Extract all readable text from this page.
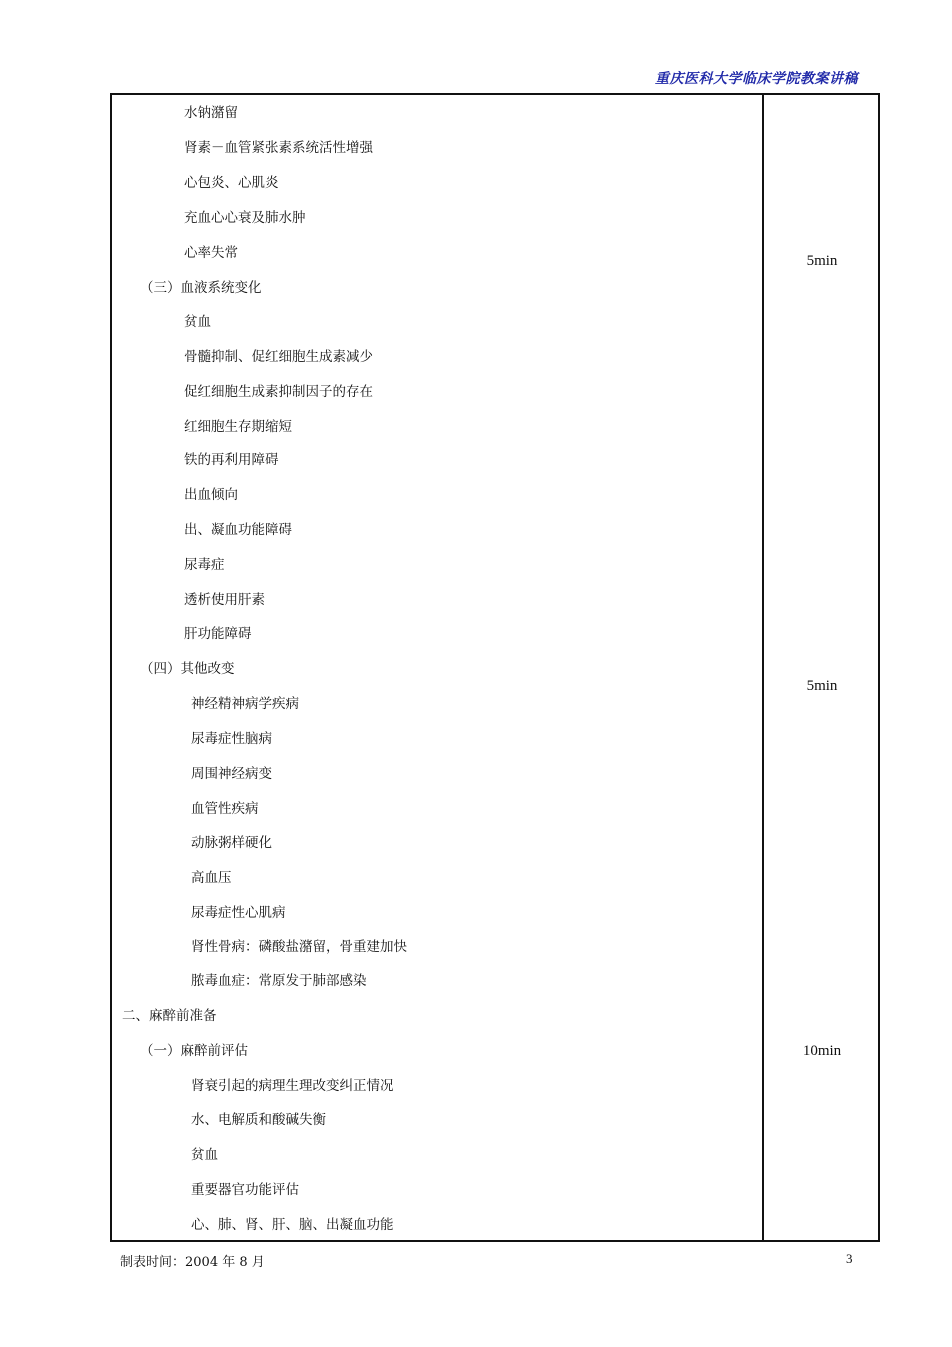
重庆医科大学临床学院教案讲稿
水钠潴留
肾素－血管紧张素系统活性增强
心包炎、心肌炎
充血心心衰及肺水肿
心率失常
（三）血液系统变化
贫血
骨髓抑制、促红细胞生成素减少
促红细胞生成素抑制因子的存在
红细胞生存期缩短
铁的再利用障碍
出血倾向
出、凝血功能障碍
尿毒症
透析使用肝素
肝功能障碍
（四）其他改变
神经精神病学疾病
尿毒症性脑病
周围神经病变
血管性疾病
动脉粥样硬化
高血压
尿毒症性心肌病
肾性骨病：磷酸盐潴留，骨重建加快
脓毒血症：常原发于肺部感染
二、麻醉前准备
（一）麻醉前评估
肾衰引起的病理生理改变纠正情况
水、电解质和酸碱失衡
贫血
重要器官功能评估
心、肺、肾、肝、脑、出凝血功能
5min
5min
10min
制表时间：2004 年 8 月	3
